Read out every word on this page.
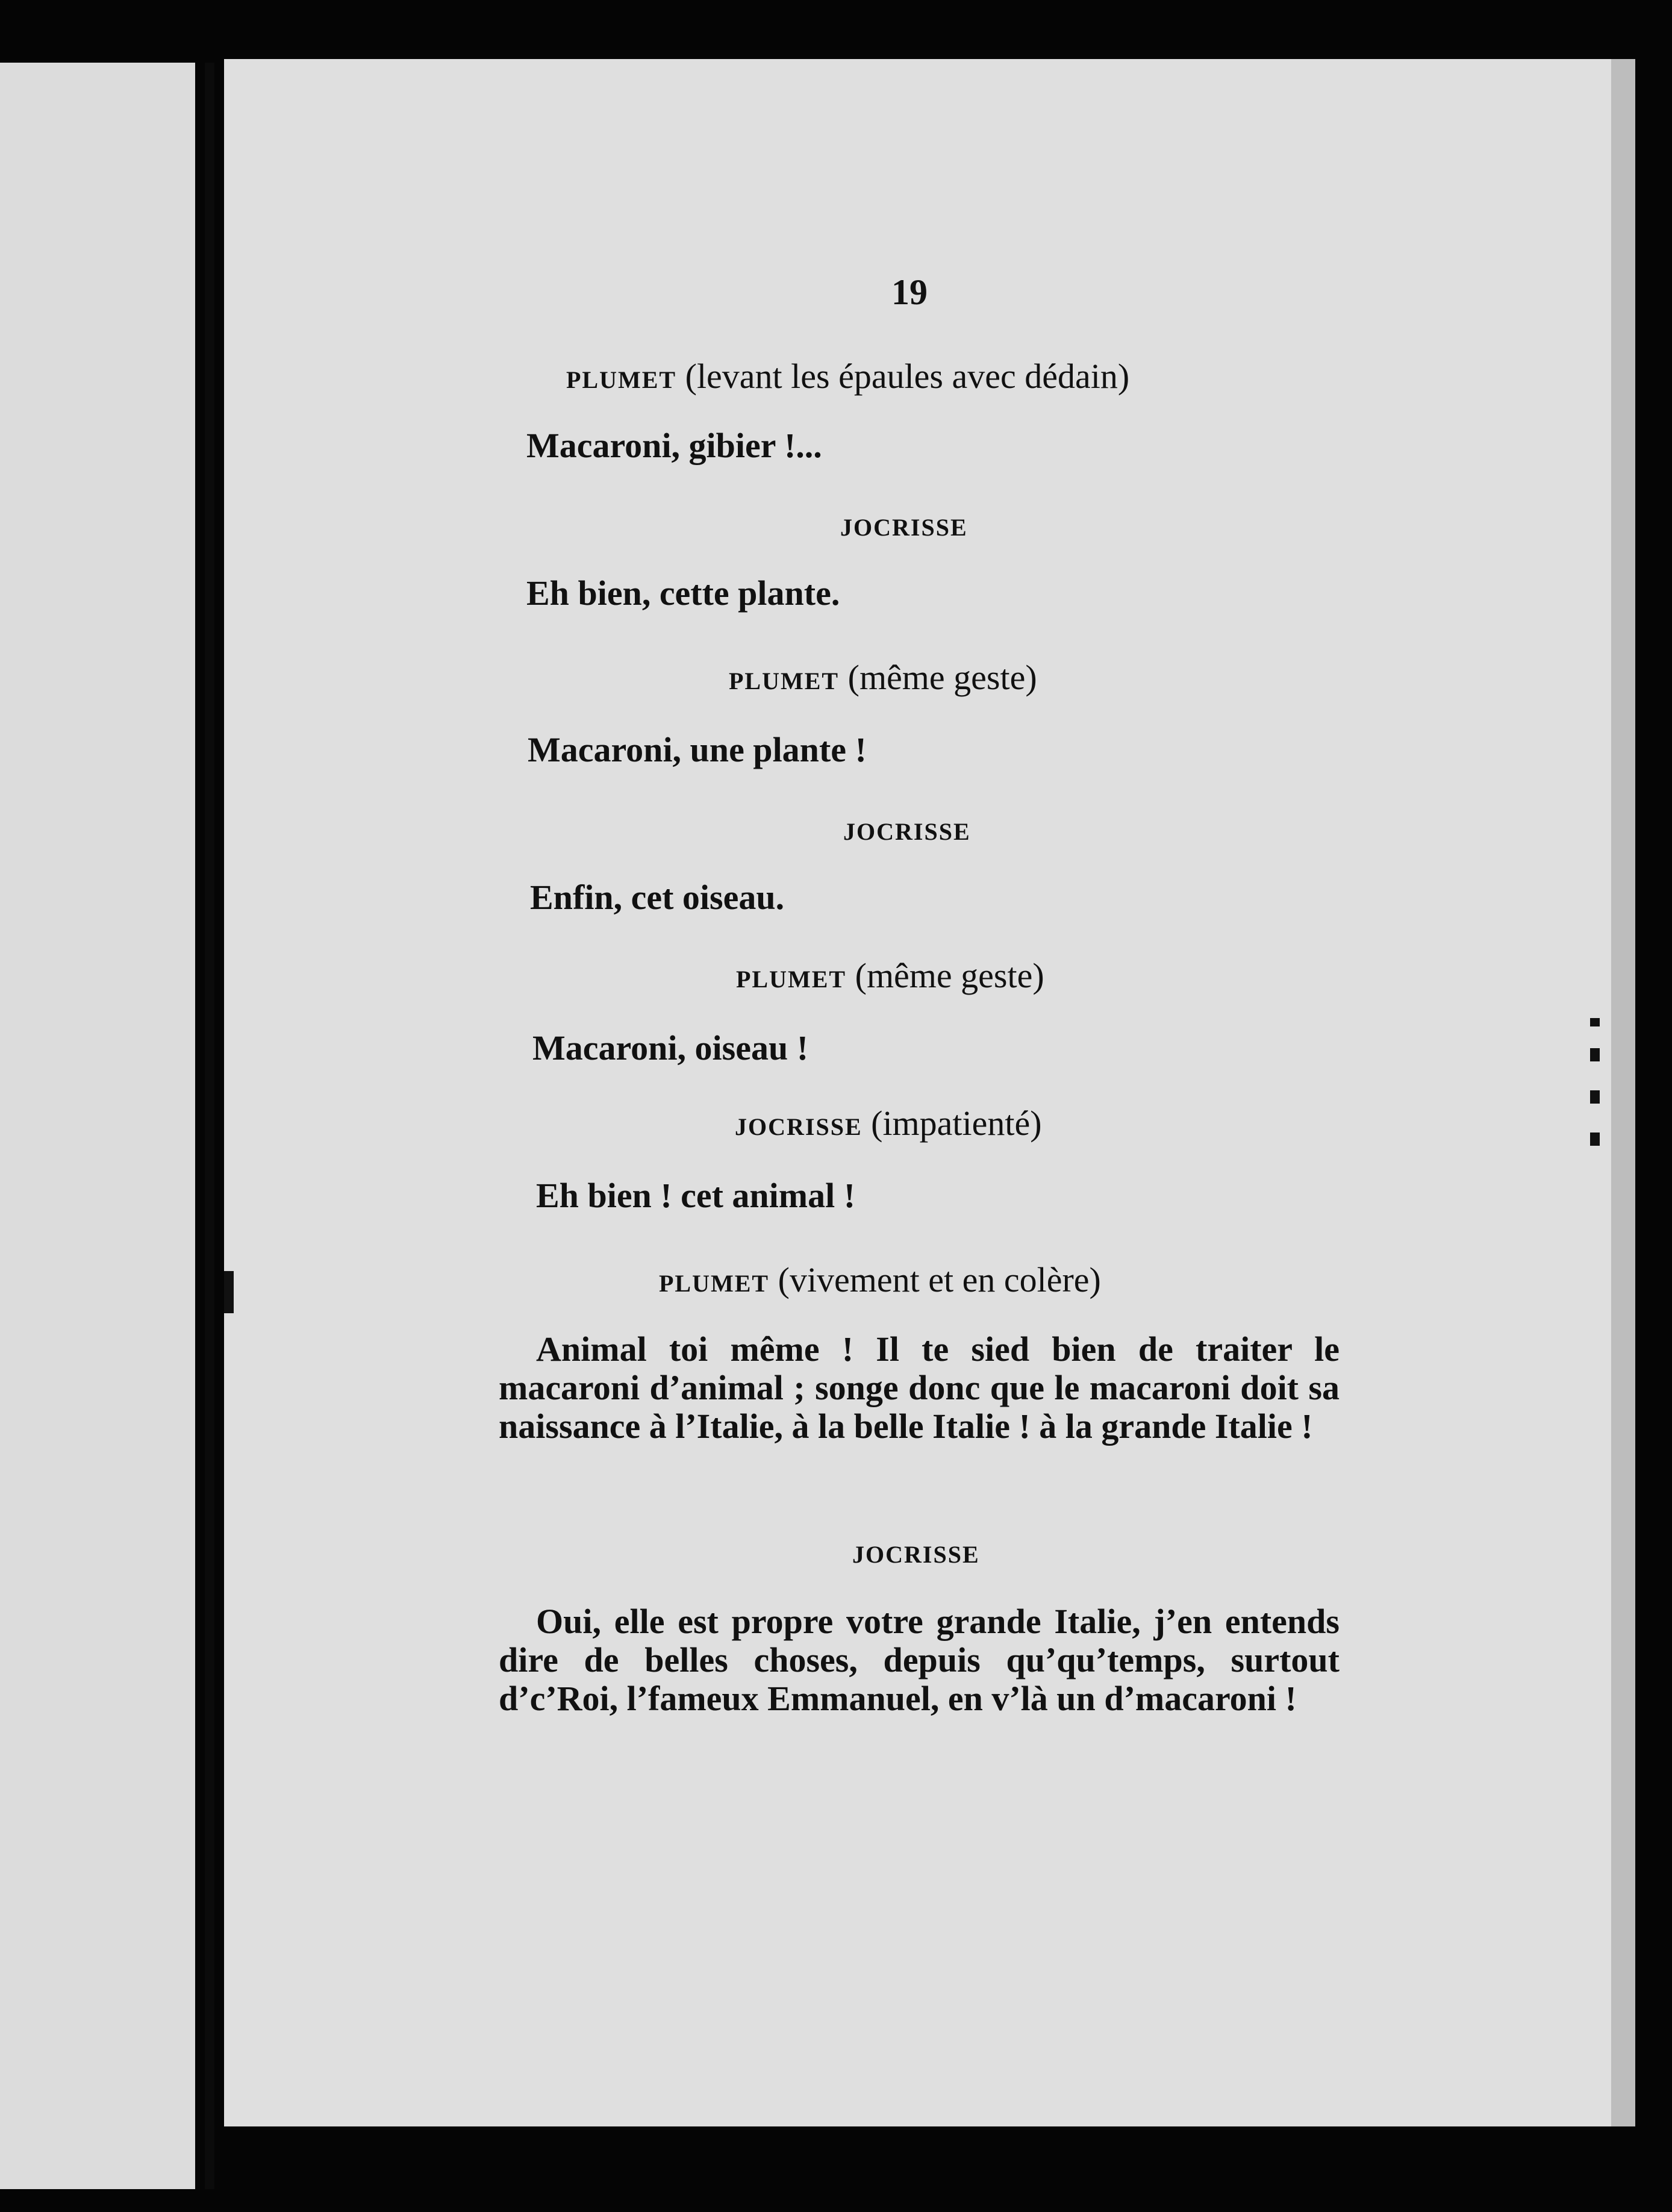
19
PLUMET (levant les épaules avec dédain)
Macaroni, gibier !...
JOCRISSE
Eh bien, cette plante.
PLUMET (même geste)
Macaroni, une plante !
JOCRISSE
Enfin, cet oiseau.
PLUMET (même geste)
Macaroni, oiseau !
JOCRISSE (impatienté)
Eh bien ! cet animal !
PLUMET (vivement et en colère)
Animal toi même ! Il te sied bien de traiter le macaroni d’animal ; songe donc que le macaroni doit sa naissance à l’Italie, à la belle Italie ! à la grande Italie !
JOCRISSE
Oui, elle est propre votre grande Italie, j’en entends dire de belles choses, depuis qu’qu’temps, surtout d’c’Roi, l’fameux Emmanuel, en v’là un d’macaroni !
